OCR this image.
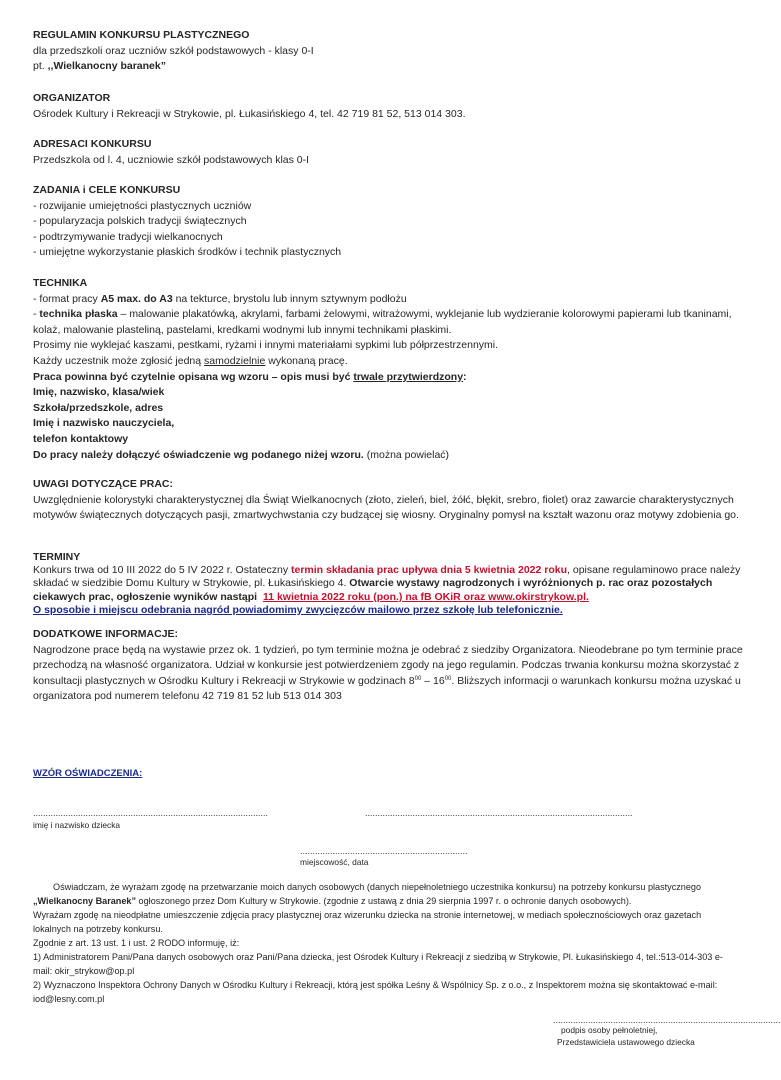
REGULAMIN KONKURSU PLASTYCZNEGO
dla przedszkoli oraz uczniów szkół podstawowych - klasy 0-I
pt. ,,Wielkanocny baranek”
ORGANIZATOR
Ośrodek Kultury i Rekreacji w Strykowie, pl. Łukasińskiego 4, tel. 42 719 81 52, 513 014 303.
ADRESACI KONKURSU
Przedszkola od l. 4, uczniowie szkół podstawowych klas 0-I
ZADANIA i CELE KONKURSU
- rozwijanie umiejętności plastycznych uczniów
- popularyzacja polskich tradycji świątecznych
- podtrzymywanie tradycji wielkanocnych
- umiejętne wykorzystanie płaskich środków i technik plastycznych
TECHNIKA
- format pracy A5 max. do A3 na tekturce, brystolu lub innym sztywnym podłożu
- technika płaska – malowanie plakatówką, akrylami, farbami żelowymi, witrażowymi, wyklejanie lub wydzieranie kolorowymi papierami lub tkaninami, kolaż, malowanie plasteliną, pastelami, kredkami wodnymi lub innymi technikami płaskimi.
Prosimy nie wyklejać kaszami, pestkami, ryżami i innymi materiałami sypkimi lub półprzestrzennymi.
Każdy uczestnik może zgłosić jedną samodzielnie wykonaną pracę.
Praca powinna być czytelnie opisana wg wzoru – opis musi być trwale przytwierdzony:
Imię, nazwisko, klasa/wiek
Szkoła/przedszkole, adres
Imię i nazwisko nauczyciela,
telefon kontaktowy
Do pracy należy dołączyć oświadczenie wg podanego niżej wzoru. (można powielać)
UWAGI DOTYCZĄCE PRAC:
Uwzględnienie kolorystyki charakterystycznej dla Świąt Wielkanocnych (złoto, zieleń, biel, żółć, błękit, srebro, fiolet) oraz zawarcie charakterystycznych motywów świątecznych dotyczących pasji, zmartwychwstania czy budzącej się wiosny. Oryginalny pomysł na kształt wazonu oraz motywy zdobienia go.
TERMINY
Konkurs trwa od 10 III 2022 do 5 IV 2022 r. Ostateczny termin składania prac upływa dnia 5 kwietnia 2022 roku, opisane regulaminowo prace należy składać w siedzibie Domu Kultury w Strykowie, pl. Łukasińskiego 4. Otwarcie wystawy nagrodzonych i wyróżnionych p. rac oraz pozostałych ciekawych prac, ogłoszenie wyników nastąpi 11 kwietnia 2022 roku (pon.) na fB OKiR oraz www.okirstrykow.pl.
O sposobie i miejscu odebrania nagród powiadomimy zwycięzców mailowo przez szkołę lub telefonicznie.
DODATKOWE INFORMACJE:
Nagrodzone prace będą na wystawie przez ok. 1 tydzień, po tym terminie można je odebrać z siedziby Organizatora. Nieodebrane po tym terminie prace przechodzą na własność organizatora. Udział w konkursie jest potwierdzeniem zgody na jego regulamin. Podczas trwania konkursu można skorzystać z konsultacji plastycznych w Ośrodku Kultury i Rekreacji w Strykowie w godzinach $8^{00} - 16^{00}$. Bliższych informacji o warunkach konkursu można uzyskać u organizatora pod numerem telefonu 42 719 81 52 lub 513 014 303
WZÓR OŚWIADCZENIA:
..............................................................................................	...........................................................................................................
imię i nazwisko dziecka
...................................................................
miejscowość, data
Oświadczam, że wyrażam zgodę na przetwarzanie moich danych osobowych (danych niepełnoletniego uczestnika konkursu) na potrzeby konkursu plastycznego „Wielkanocny Baranek” ogłoszonego przez Dom Kultury w Strykowie. (zgodnie z ustawą z dnia 29 sierpnia 1997 r. o ochronie danych osobowych).
Wyrażam zgodę na nieodpłatne umieszczenie zdjęcia pracy plastycznej oraz wizerunku dziecka na stronie internetowej, w mediach społecznościowych oraz gazetach lokalnych na potrzeby konkursu.
Zgodnie z art. 13 ust. 1 i ust. 2 RODO informuję, iż:
1) Administratorem Pani/Pana danych osobowych oraz Pani/Pana dziecka, jest Ośrodek Kultury i Rekreacji z siedzibą w Strykowie, Pl. Łukasińskiego 4, tel.:513-014-303 e-mail: okir_strykow@op.pl
2) Wyznaczono Inspektora Ochrony Danych w Ośrodku Kultury i Rekreacji, którą jest spółka Leśny & Wspólnicy Sp. z o.o., z Inspektorem można się skontaktować e-mail: iod@lesny.com.pl
...........................................................................................
podpis osoby pełnoletniej,
Przedstawiciela ustawowego dziecka
